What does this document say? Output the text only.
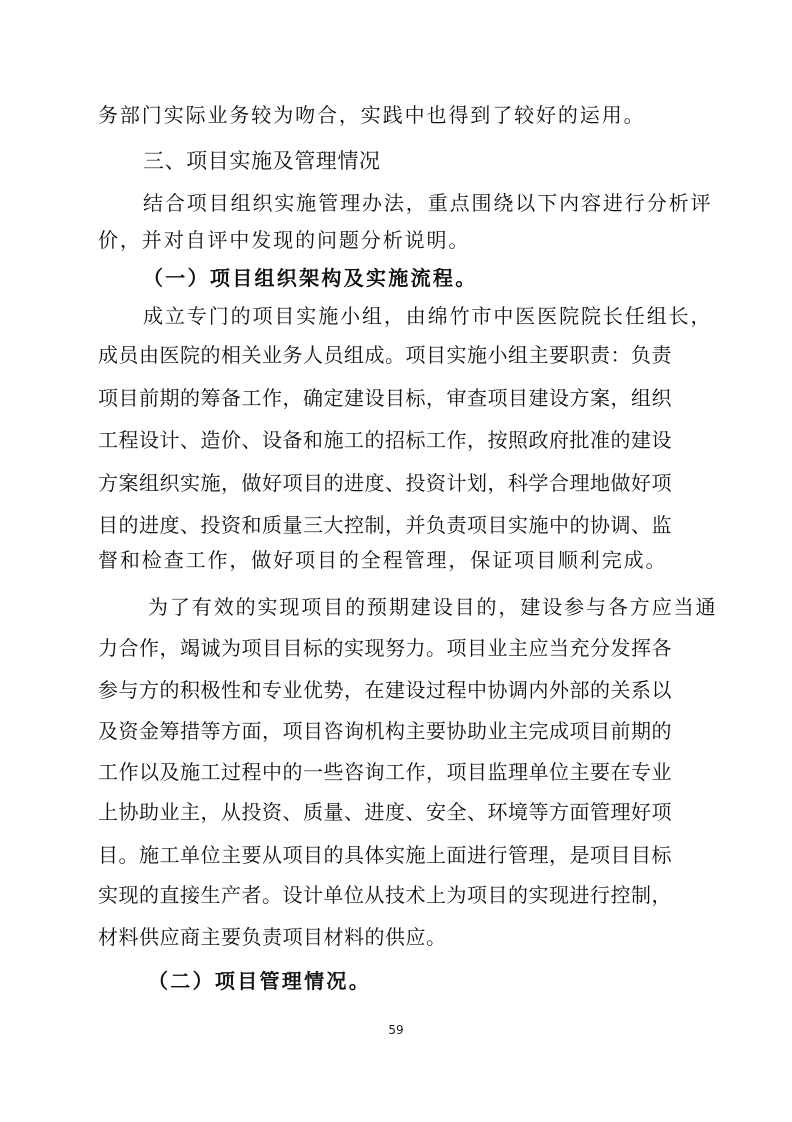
务部门实际业务较为吻合，实践中也得到了较好的运用。
三、项目实施及管理情况
结合项目组织实施管理办法，重点围绕以下内容进行分析评
价，并对自评中发现的问题分析说明。
（一）项目组织架构及实施流程。
成立专门的项目实施小组，由绵竹市中医医院院长任组长，
成员由医院的相关业务人员组成。项目实施小组主要职责：负责
项目前期的筹备工作，确定建设目标，审查项目建设方案，组织
工程设计、造价、设备和施工的招标工作，按照政府批准的建设
方案组织实施，做好项目的进度、投资计划，科学合理地做好项
目的进度、投资和质量三大控制，并负责项目实施中的协调、监
督和检查工作，做好项目的全程管理，保证项目顺利完成。
为了有效的实现项目的预期建设目的，建设参与各方应当通
力合作，竭诚为项目目标的实现努力。项目业主应当充分发挥各
参与方的积极性和专业优势，在建设过程中协调内外部的关系以
及资金筹措等方面，项目咨询机构主要协助业主完成项目前期的
工作以及施工过程中的一些咨询工作，项目监理单位主要在专业
上协助业主，从投资、质量、进度、安全、环境等方面管理好项
目。施工单位主要从项目的具体实施上面进行管理，是项目目标
实现的直接生产者。设计单位从技术上为项目的实现进行控制，
材料供应商主要负责项目材料的供应。
（二）项目管理情况。
59
